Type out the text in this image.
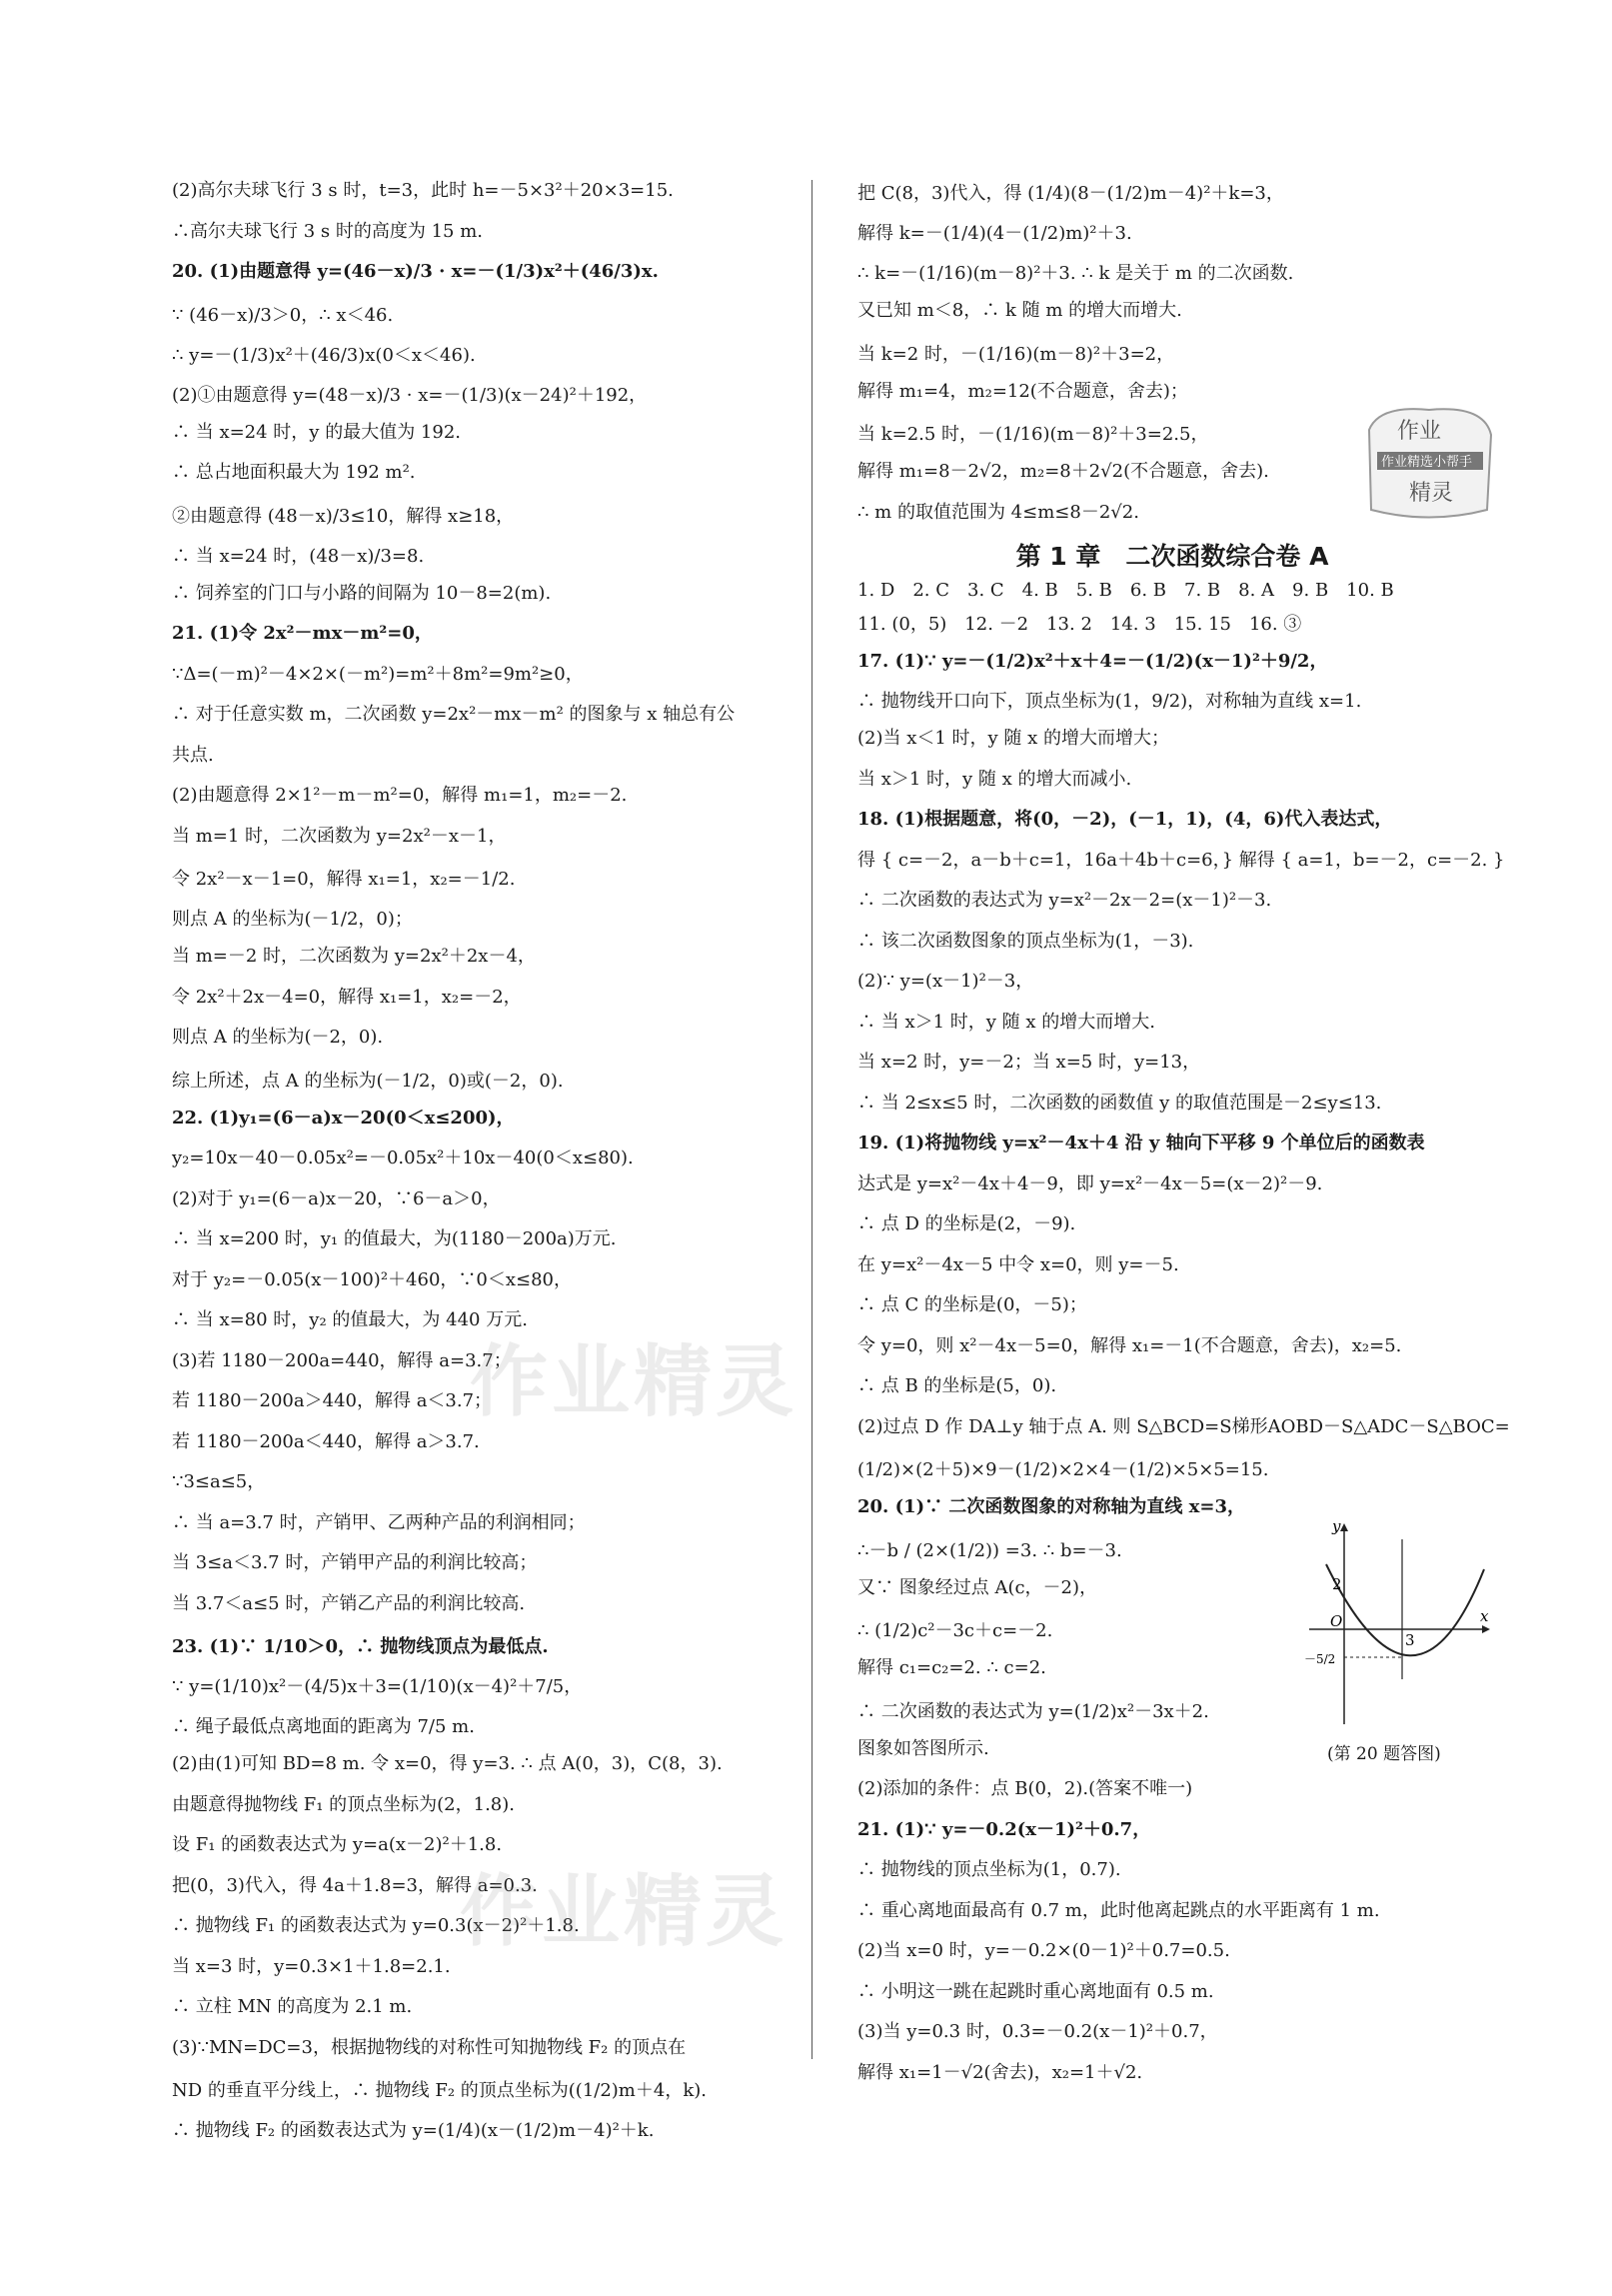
(2)高尔夫球飞行 3 s 时，t=3，此时 h=－5×3²＋20×3=15.
∴高尔夫球飞行 3 s 时的高度为 15 m.
20. (1)由题意得 y=(46－x)/3 · x=－(1/3)x²＋(46/3)x.
∵ (46－x)/3＞0，∴ x＜46.
∴ y=－(1/3)x²＋(46/3)x(0＜x＜46).
(2)①由题意得 y=(48－x)/3 · x=－(1/3)(x－24)²＋192，
∴ 当 x=24 时，y 的最大值为 192.
∴ 总占地面积最大为 192 m².
②由题意得 (48－x)/3≤10，解得 x≥18，
∴ 当 x=24 时，(48－x)/3=8.
∴ 饲养室的门口与小路的间隔为 10－8=2(m).
21. (1)令 2x²－mx－m²=0，
∵Δ=(－m)²－4×2×(－m²)=m²＋8m²=9m²≥0，
∴ 对于任意实数 m，二次函数 y=2x²－mx－m² 的图象与 x 轴总有公
共点.
(2)由题意得 2×1²－m－m²=0，解得 m₁=1，m₂=－2.
当 m=1 时，二次函数为 y=2x²－x－1，
令 2x²－x－1=0，解得 x₁=1，x₂=－1/2.
则点 A 的坐标为(－1/2，0)；
当 m=－2 时，二次函数为 y=2x²＋2x－4，
令 2x²＋2x－4=0，解得 x₁=1，x₂=－2，
则点 A 的坐标为(－2，0).
综上所述，点 A 的坐标为(－1/2，0)或(－2，0).
22. (1)y₁=(6－a)x－20(0＜x≤200)，
y₂=10x－40－0.05x²=－0.05x²＋10x－40(0＜x≤80).
(2)对于 y₁=(6－a)x－20，∵6－a＞0，
∴ 当 x=200 时，y₁ 的值最大，为(1180－200a)万元.
对于 y₂=－0.05(x－100)²＋460，∵0＜x≤80，
∴ 当 x=80 时，y₂ 的值最大，为 440 万元.
(3)若 1180－200a=440，解得 a=3.7；
若 1180－200a＞440，解得 a＜3.7；
若 1180－200a＜440，解得 a＞3.7.
∵3≤a≤5，
∴ 当 a=3.7 时，产销甲、乙两种产品的利润相同；
当 3≤a＜3.7 时，产销甲产品的利润比较高；
当 3.7＜a≤5 时，产销乙产品的利润比较高.
23. (1)∵ 1/10＞0，∴ 抛物线顶点为最低点.
∵ y=(1/10)x²－(4/5)x＋3=(1/10)(x－4)²＋7/5，
∴ 绳子最低点离地面的距离为 7/5 m.
(2)由(1)可知 BD=8 m. 令 x=0，得 y=3. ∴ 点 A(0，3)，C(8，3).
由题意得抛物线 F₁ 的顶点坐标为(2，1.8).
设 F₁ 的函数表达式为 y=a(x－2)²＋1.8.
把(0，3)代入，得 4a＋1.8=3，解得 a=0.3.
∴ 抛物线 F₁ 的函数表达式为 y=0.3(x－2)²＋1.8.
当 x=3 时，y=0.3×1＋1.8=2.1.
∴ 立柱 MN 的高度为 2.1 m.
(3)∵MN=DC=3，根据抛物线的对称性可知抛物线 F₂ 的顶点在
ND 的垂直平分线上，∴ 抛物线 F₂ 的顶点坐标为((1/2)m＋4，k).
∴ 抛物线 F₂ 的函数表达式为 y=(1/4)(x－(1/2)m－4)²＋k.
把 C(8，3)代入，得 (1/4)(8－(1/2)m－4)²＋k=3，
解得 k=－(1/4)(4－(1/2)m)²＋3.
∴ k=－(1/16)(m－8)²＋3. ∴ k 是关于 m 的二次函数.
又已知 m＜8，∴ k 随 m 的增大而增大.
当 k=2 时，－(1/16)(m－8)²＋3=2，
解得 m₁=4，m₂=12(不合题意，舍去)；
当 k=2.5 时，－(1/16)(m－8)²＋3=2.5，
解得 m₁=8－2√2，m₂=8＋2√2(不合题意，舍去).
∴ m 的取值范围为 4≤m≤8－2√2.
第 1 章　二次函数综合卷 A
1. D　2. C　3. C　4. B　5. B　6. B　7. B　8. A　9. B　10. B
11. (0，5)　12. －2　13. 2　14. 3　15. 15　16. ③
17. (1)∵ y=－(1/2)x²＋x＋4=－(1/2)(x－1)²＋9/2，
∴ 抛物线开口向下，顶点坐标为(1，9/2)，对称轴为直线 x=1.
(2)当 x＜1 时，y 随 x 的增大而增大；
当 x＞1 时，y 随 x 的增大而减小.
18. (1)根据题意，将(0，－2)，(－1，1)，(4，6)代入表达式，
得 { c=－2，a－b＋c=1，16a＋4b＋c=6，} 解得 { a=1，b=－2，c=－2. }
∴ 二次函数的表达式为 y=x²－2x－2=(x－1)²－3.
∴ 该二次函数图象的顶点坐标为(1，－3).
(2)∵ y=(x－1)²－3，
∴ 当 x＞1 时，y 随 x 的增大而增大.
当 x=2 时，y=－2；当 x=5 时，y=13，
∴ 当 2≤x≤5 时，二次函数的函数值 y 的取值范围是－2≤y≤13.
19. (1)将抛物线 y=x²－4x＋4 沿 y 轴向下平移 9 个单位后的函数表
达式是 y=x²－4x＋4－9，即 y=x²－4x－5=(x－2)²－9.
∴ 点 D 的坐标是(2，－9).
在 y=x²－4x－5 中令 x=0，则 y=－5.
∴ 点 C 的坐标是(0，－5)；
令 y=0，则 x²－4x－5=0，解得 x₁=－1(不合题意，舍去)，x₂=5.
∴ 点 B 的坐标是(5，0).
(2)过点 D 作 DA⊥y 轴于点 A. 则 S△BCD=S梯形AOBD－S△ADC－S△BOC=
(1/2)×(2＋5)×9－(1/2)×2×4－(1/2)×5×5=15.
20. (1)∵ 二次函数图象的对称轴为直线 x=3，
∴－b / (2×(1/2)) =3. ∴ b=－3.
又∵ 图象经过点 A(c，－2)，
∴ (1/2)c²－3c＋c=－2.
解得 c₁=c₂=2. ∴ c=2.
∴ 二次函数的表达式为 y=(1/2)x²－3x＋2.
图象如答图所示.
(2)添加的条件：点 B(0，2).(答案不唯一)
21. (1)∵ y=－0.2(x－1)²＋0.7，
∴ 抛物线的顶点坐标为(1，0.7).
∴ 重心离地面最高有 0.7 m，此时他离起跳点的水平距离有 1 m.
(2)当 x=0 时，y=－0.2×(0－1)²＋0.7=0.5.
∴ 小明这一跳在起跳时重心离地面有 0.5 m.
(3)当 y=0.3 时，0.3=－0.2(x－1)²＋0.7，
解得 x₁=1－√2(舍去)，x₂=1＋√2.
y
x
O
2
3
－5/2
(第 20 题答图)
作业
作业精选小帮手
精灵
作业精灵
作业精灵
